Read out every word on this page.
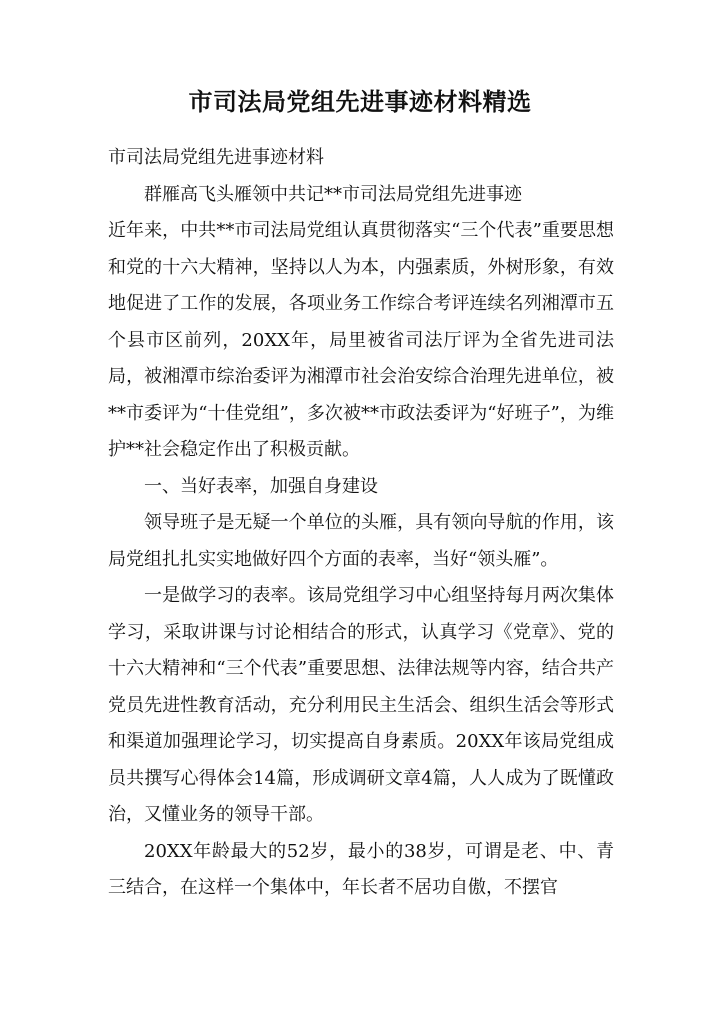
市司法局党组先进事迹材料精选

市司法局党组先进事迹材料

群雁高飞头雁领中共记**市司法局党组先进事迹

近年来，中共**市司法局党组认真贯彻落实“三个代表”重要思想和党的十六大精神，坚持以人为本，内强素质，外树形象，有效地促进了工作的发展，各项业务工作综合考评连续名列湘潭市五个县市区前列，20XX年，局里被省司法厅评为全省先进司法局，被湘潭市综治委评为湘潭市社会治安综合治理先进单位，被**市委评为“十佳党组”，多次被**市政法委评为“好班子”，为维护**社会稳定作出了积极贡献。

一、当好表率，加强自身建设

领导班子是无疑一个单位的头雁，具有领向导航的作用，该局党组扎扎实实地做好四个方面的表率，当好“领头雁”。

一是做学习的表率。该局党组学习中心组坚持每月两次集体学习，采取讲课与讨论相结合的形式，认真学习《党章》、党的十六大精神和“三个代表”重要思想、法律法规等内容，结合共产党员先进性教育活动，充分利用民主生活会、组织生活会等形式和渠道加强理论学习，切实提高自身素质。20XX年该局党组成员共撰写心得体会14篇，形成调研文章4篇，人人成为了既懂政治，又懂业务的领导干部。

20XX年龄最大的52岁，最小的38岁，可谓是老、中、青三结合，在这样一个集体中，年长者不居功自傲，不摆官
